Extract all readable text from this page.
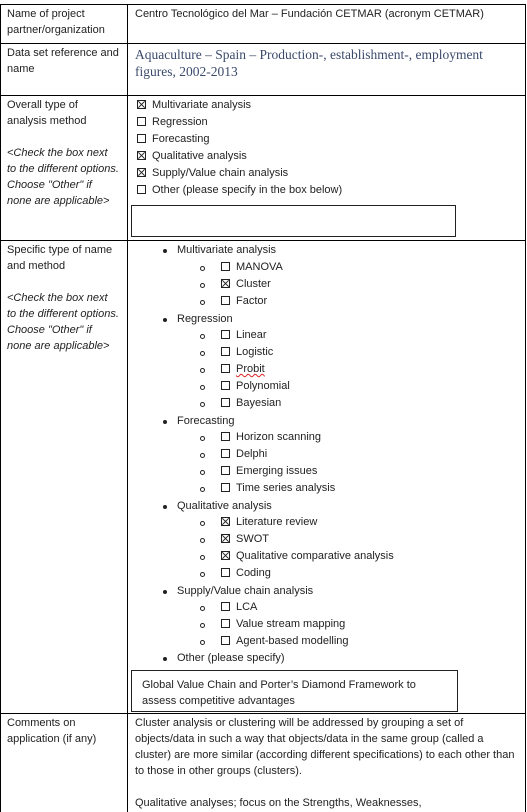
Name of project partner/organization
Centro Tecnológico del Mar – Fundación CETMAR (acronym CETMAR)
Data set reference and name
Aquaculture – Spain – Production-, establishment-, employment figures, 2002-2013
Overall type of analysis method
<Check the box next to the different options. Choose "Other" if none are applicable>
Multivariate analysis
Regression
Forecasting
Qualitative analysis
Supply/Value chain analysis
Other (please specify in the box below)
Specific type of name and method
<Check the box next to the different options. Choose "Other" if none are applicable>
Multivariate analysis
MANOVA
Cluster
Factor
Regression
Linear
Logistic
Probit
Polynomial
Bayesian
Forecasting
Horizon scanning
Delphi
Emerging issues
Time series analysis
Qualitative analysis
Literature review
SWOT
Qualitative comparative analysis
Coding
Supply/Value chain analysis
LCA
Value stream mapping
Agent-based modelling
Other (please specify)
Global Value Chain and Porter’s Diamond Framework to assess competitive advantages
Comments on application (if any)
Cluster analysis or clustering will be addressed by grouping a set of objects/data in such a way that objects/data in the same group (called a cluster) are more similar (according different specifications) to each other than to those in other groups (clusters).
Qualitative analyses; focus on the Strengths, Weaknesses,
